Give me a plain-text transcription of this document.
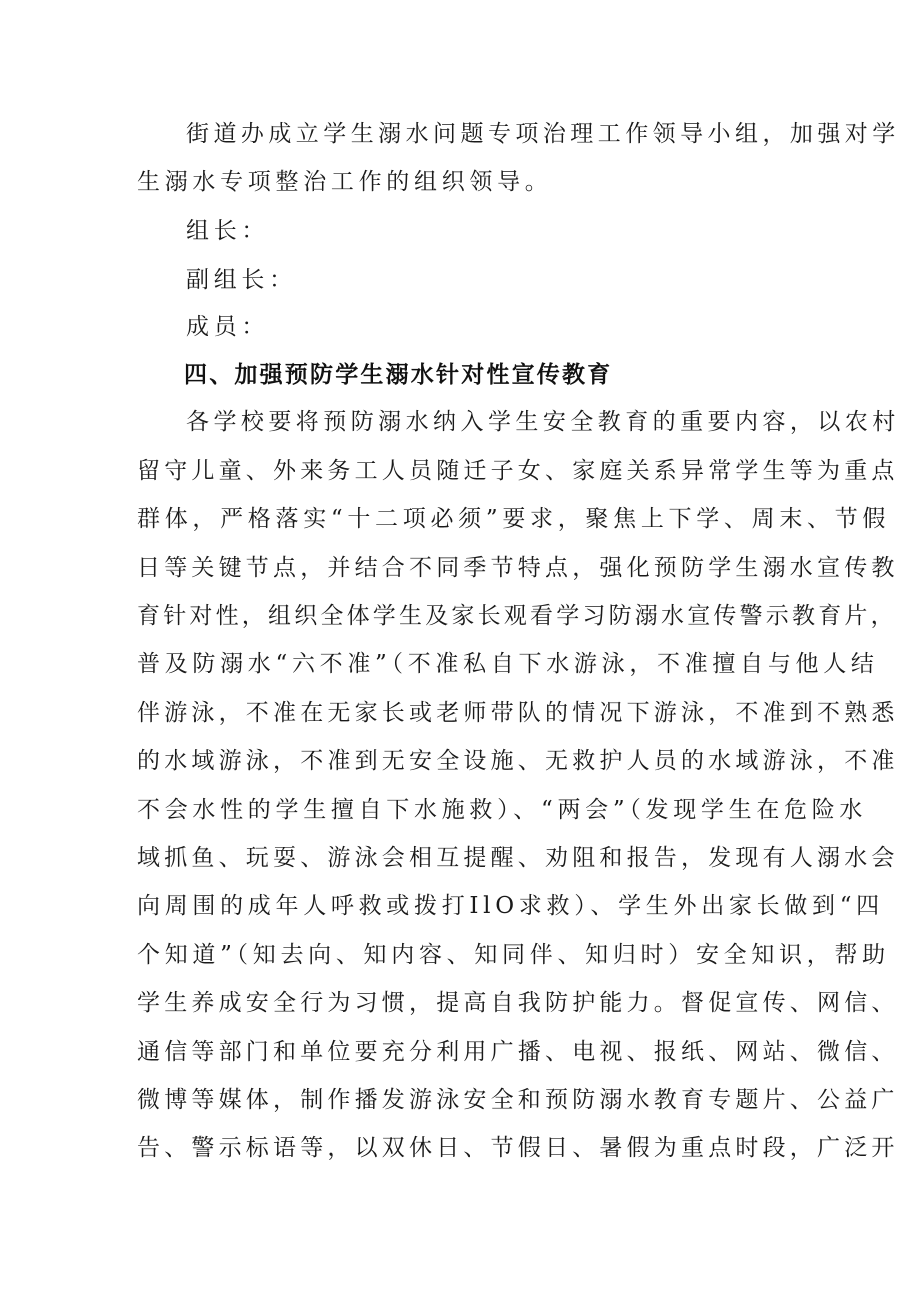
街道办成立学生溺水问题专项治理工作领导小组，加强对学
生溺水专项整治工作的组织领导。
组长：
副组长：
成员：
四、加强预防学生溺水针对性宣传教育
各学校要将预防溺水纳入学生安全教育的重要内容，以农村
留守儿童、外来务工人员随迁子女、家庭关系异常学生等为重点
群体，严格落实“十二项必须”要求，聚焦上下学、周末、节假
日等关键节点，并结合不同季节特点，强化预防学生溺水宣传教
育针对性，组织全体学生及家长观看学习防溺水宣传警示教育片，
普及防溺水“六不准”（不准私自下水游泳，不准擅自与他人结
伴游泳，不准在无家长或老师带队的情况下游泳，不准到不熟悉
的水域游泳，不准到无安全设施、无救护人员的水域游泳，不准
不会水性的学生擅自下水施救）、“两会”（发现学生在危险水
域抓鱼、玩耍、游泳会相互提醒、劝阻和报告，发现有人溺水会
向周围的成年人呼救或拨打IlO求救）、学生外出家长做到“四
个知道”（知去向、知内容、知同伴、知归时）安全知识，帮助
学生养成安全行为习惯，提高自我防护能力。督促宣传、网信、
通信等部门和单位要充分利用广播、电视、报纸、网站、微信、
微博等媒体，制作播发游泳安全和预防溺水教育专题片、公益广
告、警示标语等，以双休日、节假日、暑假为重点时段，广泛开
